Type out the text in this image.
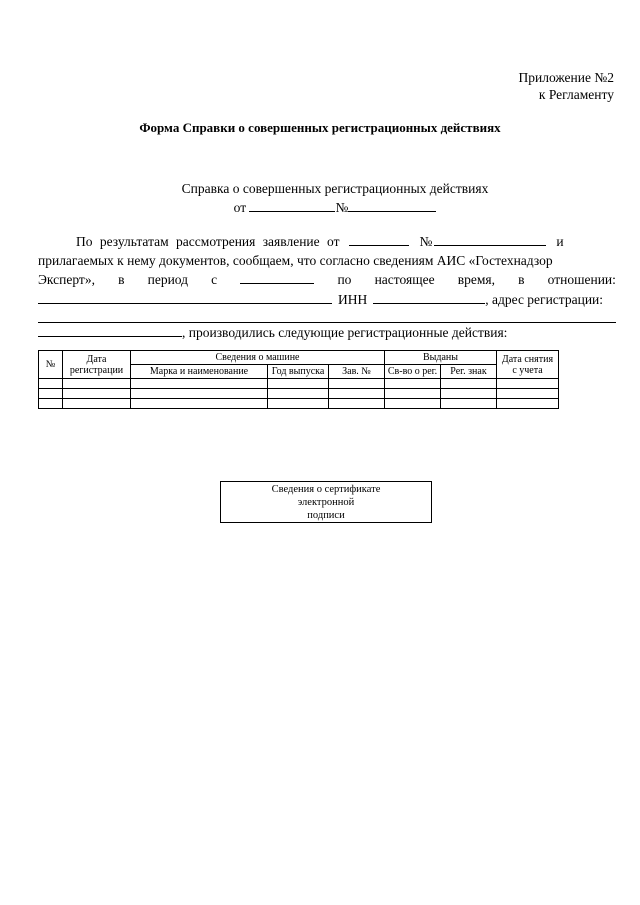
Приложение №2
к Регламенту
Форма Справки о совершенных регистрационных действиях
Справка о совершенных регистрационных действиях
от	№
По результатам рассмотрения заявление от	№	и
прилагаемых к нему документов, сообщаем, что согласно сведениям АИС «Гостехнадзор
Эксперт», в период с	по настоящее время, в отношении:
ИНН	, адрес регистрации:
, производились следующие регистрационные действия:
№	Дата регистрации	Сведения о машине			Выданы		Дата снятия с учета
		Марка и наименование	Год выпуска	Зав. №	Св-во о рег.	Рег. знак	

Сведения о сертификате
электронной
подписи
